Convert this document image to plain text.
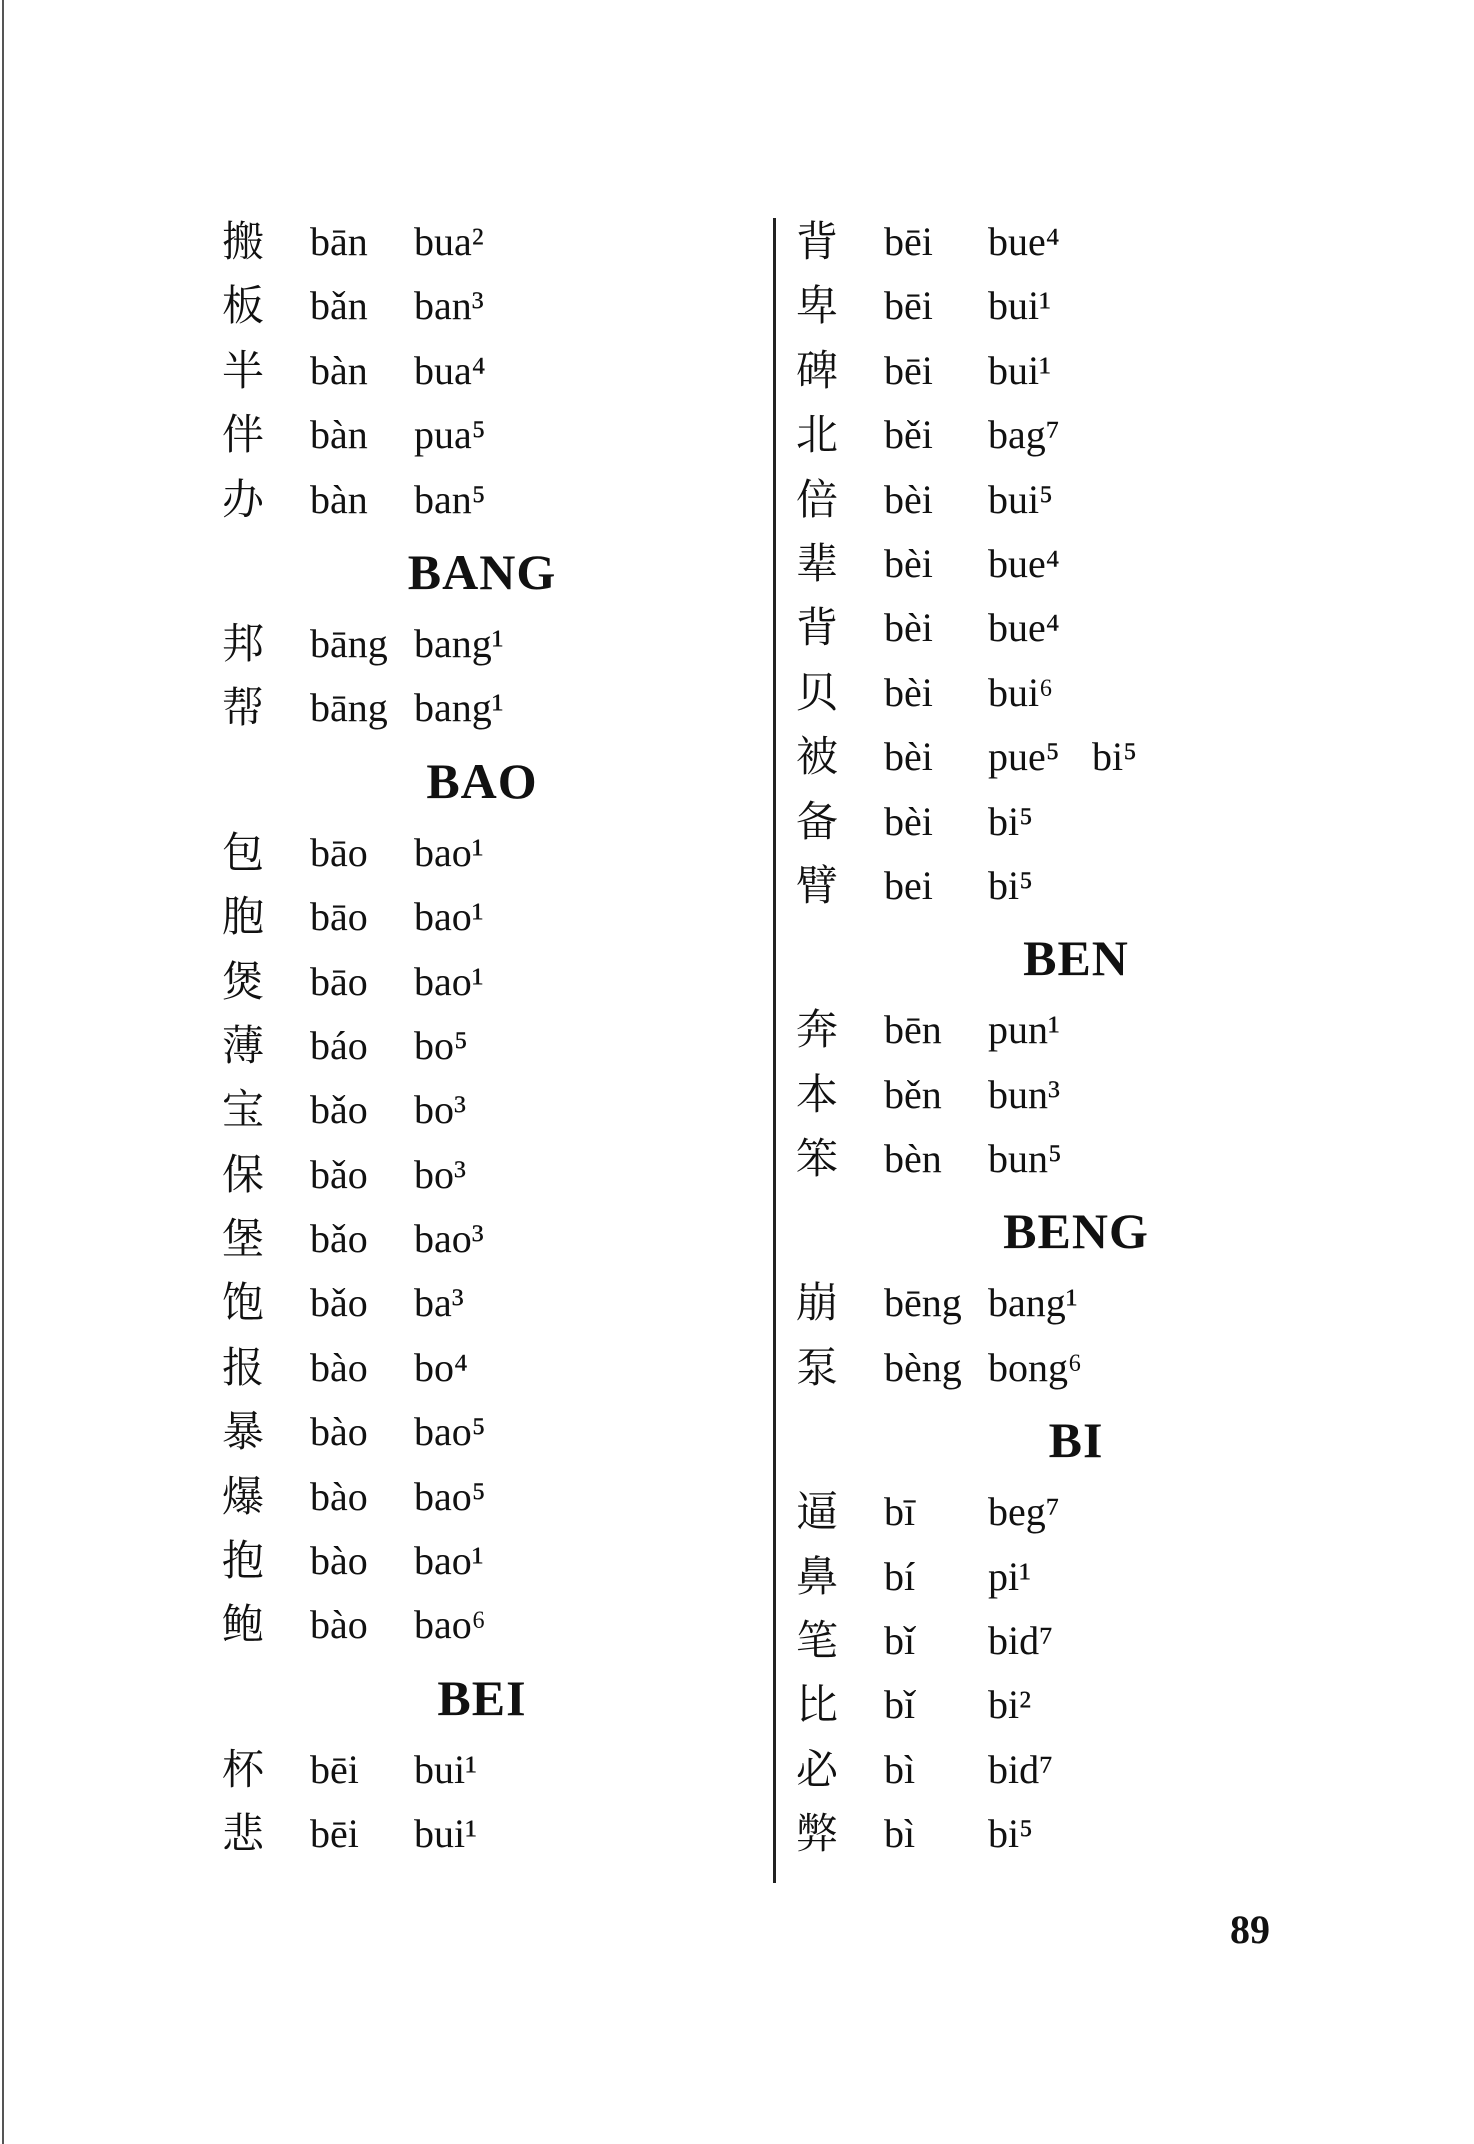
搬 bān bua²
板 bǎn ban³
半 bàn bua⁴
伴 bàn pua⁵
办 bàn ban⁵
BANG
邦 bāng bang¹
帮 bāng bang¹
BAO
包 bāo bao¹
胞 bāo bao¹
煲 bāo bao¹
薄 báo bo⁵
宝 bǎo bo³
保 bǎo bo³
堡 bǎo bao³
饱 bǎo ba³
报 bào bo⁴
暴 bào bao⁵
爆 bào bao⁵
抱 bào bao¹
鲍 bào bao⁶
BEI
杯 bēi bui¹
悲 bēi bui¹
背 bēi bue⁴
卑 bēi bui¹
碑 bēi bui¹
北 běi bag⁷
倍 bèi bui⁵
辈 bèi bue⁴
背 bèi bue⁴
贝 bèi bui⁶
被 bèi pue⁵ bi⁵
备 bèi bi⁵
臂 bei bi⁵
BEN
奔 bēn pun¹
本 běn bun³
笨 bèn bun⁵
BENG
崩 bēng bang¹
泵 bèng bong⁶
BI
逼 bī beg⁷
鼻 bí pi¹
笔 bǐ bid⁷
比 bǐ bi²
必 bì bid⁷
弊 bì bi⁵
89
